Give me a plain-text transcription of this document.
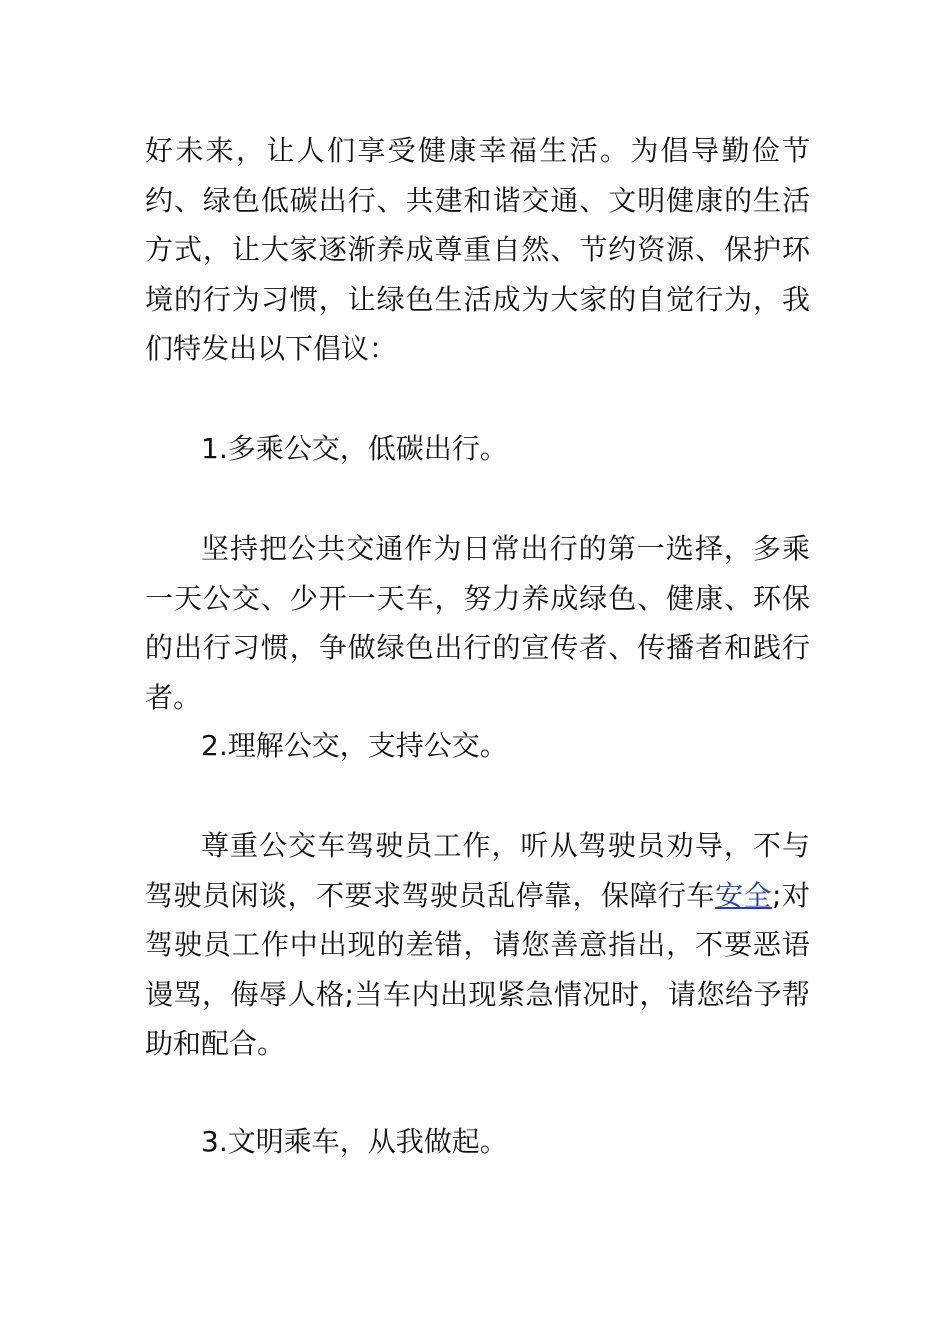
好未来，让人们享受健康幸福生活。为倡导勤俭节约、绿色低碳出行、共建和谐交通、文明健康的生活方式，让大家逐渐养成尊重自然、节约资源、保护环境的行为习惯，让绿色生活成为大家的自觉行为，我们特发出以下倡议：

1.多乘公交，低碳出行。

坚持把公共交通作为日常出行的第一选择，多乘一天公交、少开一天车，努力养成绿色、健康、环保的出行习惯，争做绿色出行的宣传者、传播者和践行者。

2.理解公交，支持公交。

尊重公交车驾驶员工作，听从驾驶员劝导，不与驾驶员闲谈，不要求驾驶员乱停靠，保障行车安全;对驾驶员工作中出现的差错，请您善意指出，不要恶语谩骂，侮辱人格;当车内出现紧急情况时，请您给予帮助和配合。

3.文明乘车，从我做起。
